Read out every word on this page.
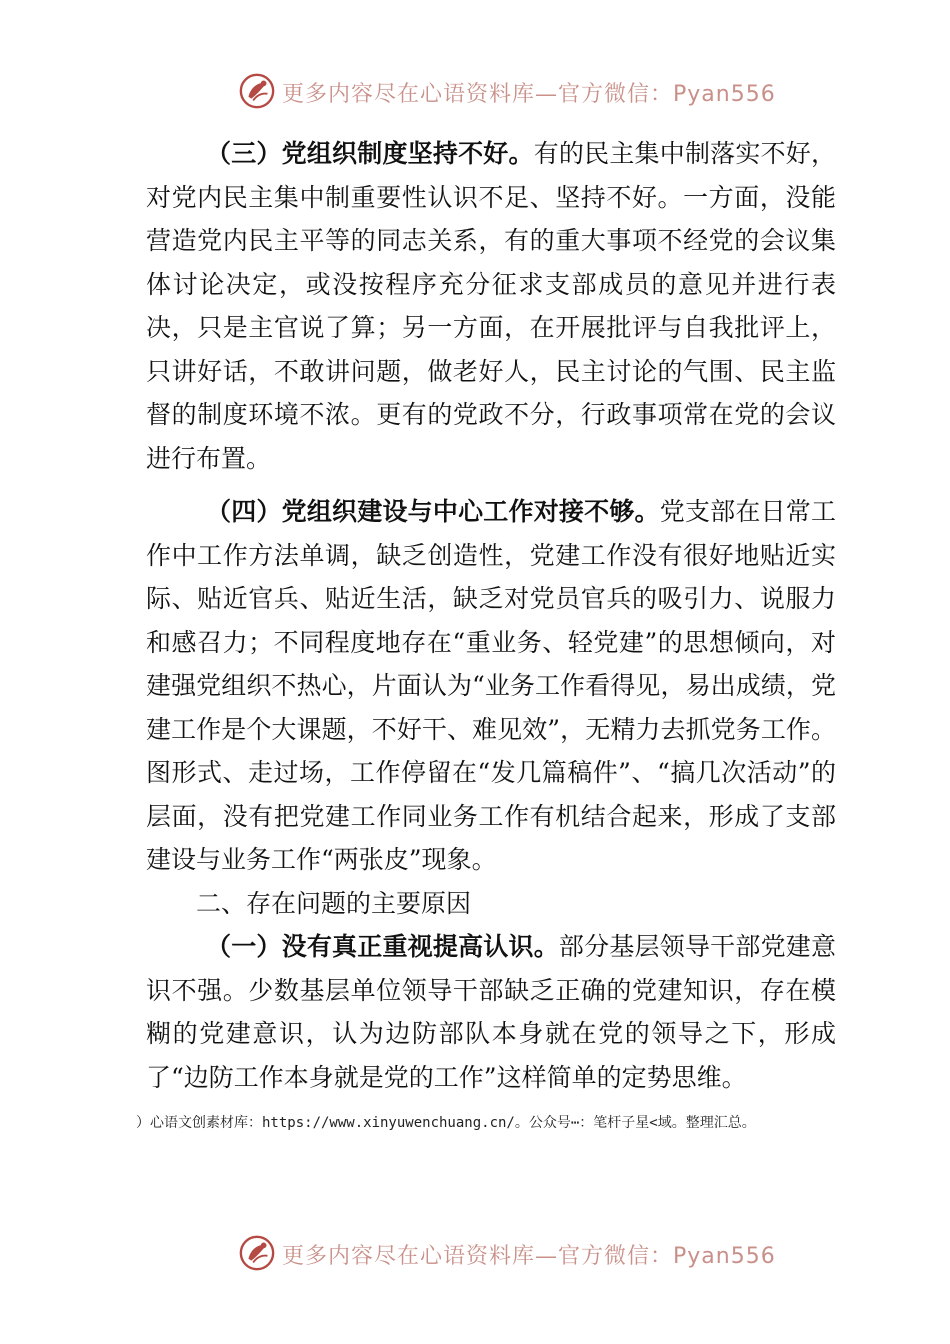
更多内容尽在心语资料库—官方微信：Pyan556

（三）党组织制度坚持不好。有的民主集中制落实不好，对党内民主集中制重要性认识不足、坚持不好。一方面，没能营造党内民主平等的同志关系，有的重大事项不经党的会议集体讨论决定，或没按程序充分征求支部成员的意见并进行表决，只是主官说了算；另一方面，在开展批评与自我批评上，只讲好话，不敢讲问题，做老好人，民主讨论的气围、民主监督的制度环境不浓。更有的党政不分，行政事项常在党的会议进行布置。

（四）党组织建设与中心工作对接不够。党支部在日常工作中工作方法单调，缺乏创造性，党建工作没有很好地贴近实际、贴近官兵、贴近生活，缺乏对党员官兵的吸引力、说服力和感召力；不同程度地存在“重业务、轻党建”的思想倾向，对建强党组织不热心，片面认为“业务工作看得见，易出成绩，党建工作是个大课题，不好干、难见效”，无精力去抓党务工作。图形式、走过场，工作停留在“发几篇稿件”、“搞几次活动”的层面，没有把党建工作同业务工作有机结合起来，形成了支部建设与业务工作“两张皮”现象。

二、存在问题的主要原因

（一）没有真正重视提高认识。部分基层领导干部党建意识不强。少数基层单位领导干部缺乏正确的党建知识，存在模糊的党建意识，认为边防部队本身就在党的领导之下，形成了“边防工作本身就是党的工作”这样简单的定势思维。

）心语文创素材库：https://www.xinyuwenchuang.cn/。公众号⋯：笔杆子星<域。整理汇总。
更多内容尽在心语资料库—官方微信：Pyan556
